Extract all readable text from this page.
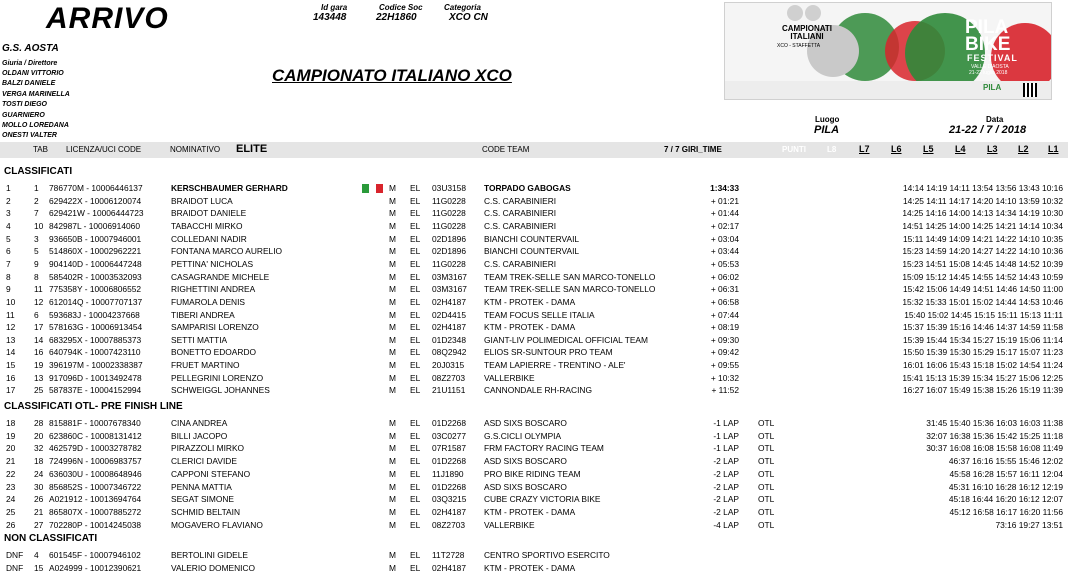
ARRIVO	Id gara
143448
Codice Soc
22H1860
Categoria
XCO CN
G.S. AOSTA
Giuria / Direttore
OLDANI VITTORIO
BALZI DANIELE
VERGA MARINELLA
TOSTI DIEGO
GUARNIERO
MOLLO LOREDANA
ONESTI VALTER
CAMPIONATO ITALIANO XCO
Luogo
PILA
Data
21-22 / 7 / 2018
CAMPIONATI ITALIANI
XCO - STAFFETTA
PILA
BIKE
FESTIVAL
VALLE D'AOSTA
21-22 luglio 2018
PILA
TAB LICENZA/UCI CODE	NOMINATIVO ELITE	CODE TEAM	7 / 7 GIRI_TIME	PUNTI	L8	L7 L6 L5 L4 L3 L2 L1
CLASSIFICATI
CLASSIFICATI OTL- PRE FINISH LINE
NON CLASSIFICATI
1	1 786770M - 10006446137	KERSCHBAUMER GERHARD	M EL 03U3158 TORPADO GABOGAS	1:34:33	14:14 14:19 14:11 13:54 13:56 13:43 10:16
2	2 629422X - 10006120074	BRAIDOT LUCA	M EL 11G0228 C.S. CARABINIERI	+ 01:21	14:25 14:11 14:17 14:20 14:10 13:59 10:32
3	7 629421W - 10006444723	BRAIDOT DANIELE	M EL 11G0228 C.S. CARABINIERI	+ 01:44	14:25 14:16 14:00 14:13 14:34 14:19 10:30
4	10 842987L - 10006914060	TABACCHI MIRKO	M EL 11G0228 C.S. CARABINIERI	+ 02:17	14:51 14:25 14:00 14:25 14:21 14:14 10:34
5	3 936650B - 10007946001	COLLEDANI NADIR	M EL 02D1896 BIANCHI COUNTERVAIL	+ 03:04	15:11 14:49 14:09 14:21 14:22 14:10 10:35
6	5 514860X - 10002962221	FONTANA MARCO AURELIO	M EL 02D1896 BIANCHI COUNTERVAIL	+ 03:44	15:23 14:59 14:20 14:27 14:22 14:10 10:36
7	9 904140D - 10006447248	PETTINA' NICHOLAS	M EL 11G0228 C.S. CARABINIERI	+ 05:53	15:23 14:51 15:08 14:45 14:48 14:52 10:39
8	8 585402R - 10003532093	CASAGRANDE MICHELE	M EL 03M3167 TEAM TREK-SELLE SAN MARCO-TONELLO	+ 06:02	15:09 15:12 14:45 14:55 14:52 14:43 10:59
9	11 775358Y - 10006806552	RIGHETTINI ANDREA	M EL 03M3167 TEAM TREK-SELLE SAN MARCO-TONELLO	+ 06:31	15:42 15:06 14:49 14:51 14:46 14:50 11:00
10 12 612014Q - 10007707137	FUMAROLA DENIS	M EL 02H4187 KTM - PROTEK - DAMA	+ 06:58	15:32 15:33 15:01 15:02 14:44 14:53 10:46
11 6 593683J - 10004237668	TIBERI ANDREA	M EL 02D4415 TEAM FOCUS SELLE ITALIA	+ 07:44	15:40 15:02 14:45 15:15 15:11 15:13 11:11
12 17 578163G - 10006913454	SAMPARISI LORENZO	M EL 02H4187 KTM - PROTEK - DAMA	+ 08:19	15:37 15:39 15:16 14:46 14:37 14:59 11:58
13 14 683295X - 10007885373	SETTI MATTIA	M EL 01D2348 GIANT-LIV POLIMEDICAL OFFICIAL TEAM	+ 09:30	15:39 15:44 15:34 15:27 15:19 15:06 11:14
14 16 640794K - 10007423110	BONETTO EDOARDO	M EL 08Q2942 ELIOS SR-SUNTOUR PRO TEAM	+ 09:42	15:50 15:39 15:30 15:29 15:17 15:07 11:23
15 19 396197M - 10002338387	FRUET MARTINO	M EL 20J0315 TEAM LAPIERRE - TRENTINO - ALE'	+ 09:55	16:01 16:06 15:43 15:18 15:02 14:54 11:24
16 13 917096D - 10013492478	PELLEGRINI LORENZO	M EL 08Z2703 VALLERBIKE	+ 10:32	15:41 15:13 15:39 15:34 15:27 15:06 12:25
17 25 587837E - 10004152994	SCHWEIGGL JOHANNES	M EL 21U1151 CANNONDALE RH-RACING	+ 11:52	16:27 16:07 15:49 15:38 15:26 15:19 11:39
18 28 815881F - 10007678340	CINA ANDREA	M EL 01D2268 ASD SIXS BOSCARO	-1 LAP OTL	31:45 15:40 15:36 16:03 16:03 11:38
19 20 623860C - 10008131412	BILLI JACOPO	M EL 03C0277 G.S.CICLI OLYMPIA	-1 LAP OTL	32:07 16:38 15:36 15:42 15:25 11:18
20 32 462579D - 10003278782	PIRAZZOLI MIRKO	M EL 07R1587 FRM FACTORY RACING TEAM	-1 LAP OTL	30:37 16:08 16:08 15:58 16:08 11:49
21 18 724996N - 10006983757	CLERICI DAVIDE	M EL 01D2268 ASD SIXS BOSCARO	-2 LAP OTL	46:37 16:16 15:55 15:46 12:02
22 24 636030U - 10008648946	CAPPONI STEFANO	M EL 11J1890 PRO BIKE RIDING TEAM	-2 LAP OTL	45:58 16:28 15:57 16:11 12:04
23 30 856852S - 10007346722	PENNA MATTIA	M EL 01D2268 ASD SIXS BOSCARO	-2 LAP OTL	45:31 16:10 16:28 16:12 12:19
24 26 A021912 - 10013694764	SEGAT SIMONE	M EL 03Q3215 CUBE CRAZY VICTORIA BIKE	-2 LAP OTL	45:18 16:44 16:20 16:12 12:07
25 21 865807X - 10007885272	SCHMID BELTAIN	M EL 02H4187 KTM - PROTEK - DAMA	-2 LAP OTL	45:12 16:58 16:17 16:20 11:56
26 27 702280P - 10014245038	MOGAVERO FLAVIANO	M EL 08Z2703 VALLERBIKE	-4 LAP OTL	73:16 19:27 13:51
DNF 4 601545F - 10007946102	BERTOLINI GIDELE	M EL 11T2728 CENTRO SPORTIVO ESERCITO
DNF 15 A024999 - 10012390621	VALERIO DOMENICO	M EL 02H4187 KTM - PROTEK - DAMA
